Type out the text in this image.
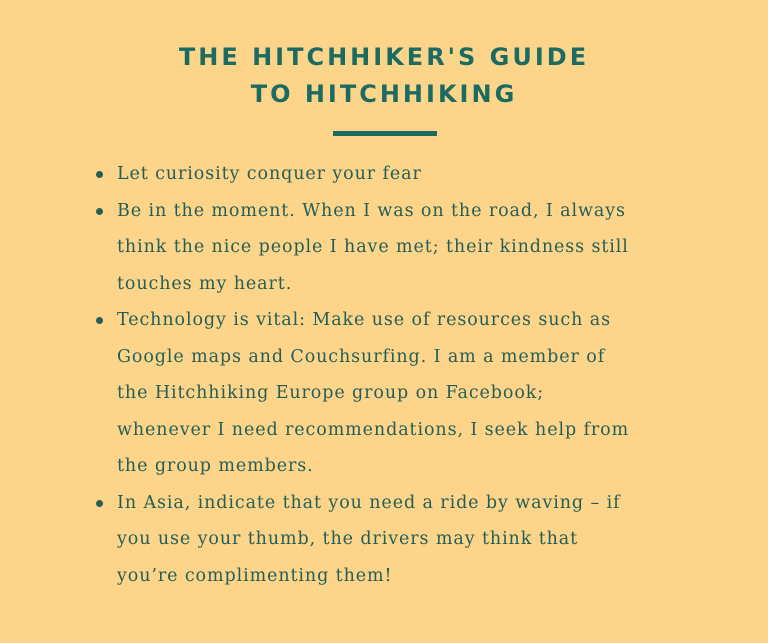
THE HITCHHIKER'S GUIDE
TO HITCHHIKING
Let curiosity conquer your fear
Be in the moment. When I was on the road, I always
think the nice people I have met; their kindness still
touches my heart.
Technology is vital: Make use of resources such as
Google maps and Couchsurfing. I am a member of
the Hitchhiking Europe group on Facebook;
whenever I need recommendations, I seek help from
the group members.
In Asia, indicate that you need a ride by waving – if
you use your thumb, the drivers may think that
you’re complimenting them!
